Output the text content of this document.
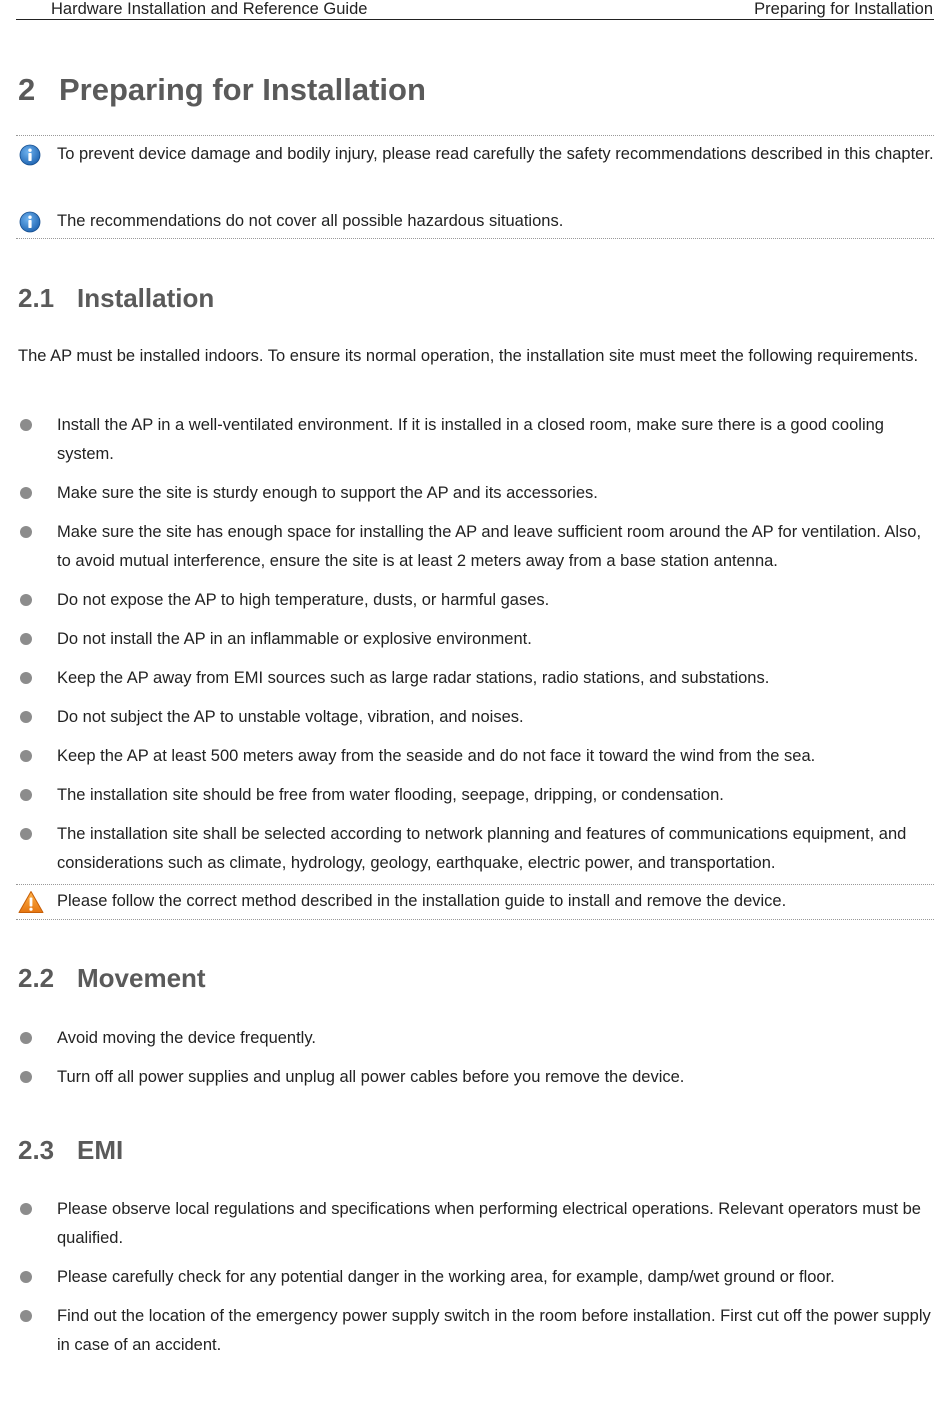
Hardware Installation and Reference Guide	Preparing for Installation
2 Preparing for Installation
To prevent device damage and bodily injury, please read carefully the safety recommendations described in this chapter.
The recommendations do not cover all possible hazardous situations.
2.1 Installation
The AP must be installed indoors. To ensure its normal operation, the installation site must meet the following requirements.
Install the AP in a well-ventilated environment. If it is installed in a closed room, make sure there is a good cooling system.
Make sure the site is sturdy enough to support the AP and its accessories.
Make sure the site has enough space for installing the AP and leave sufficient room around the AP for ventilation. Also, to avoid mutual interference, ensure the site is at least 2 meters away from a base station antenna.
Do not expose the AP to high temperature, dusts, or harmful gases.
Do not install the AP in an inflammable or explosive environment.
Keep the AP away from EMI sources such as large radar stations, radio stations, and substations.
Do not subject the AP to unstable voltage, vibration, and noises.
Keep the AP at least 500 meters away from the seaside and do not face it toward the wind from the sea.
The installation site should be free from water flooding, seepage, dripping, or condensation.
The installation site shall be selected according to network planning and features of communications equipment, and considerations such as climate, hydrology, geology, earthquake, electric power, and transportation.
Please follow the correct method described in the installation guide to install and remove the device.
2.2 Movement
Avoid moving the device frequently.
Turn off all power supplies and unplug all power cables before you remove the device.
2.3 EMI
Please observe local regulations and specifications when performing electrical operations. Relevant operators must be qualified.
Please carefully check for any potential danger in the working area, for example, damp/wet ground or floor.
Find out the location of the emergency power supply switch in the room before installation. First cut off the power supply in case of an accident.
